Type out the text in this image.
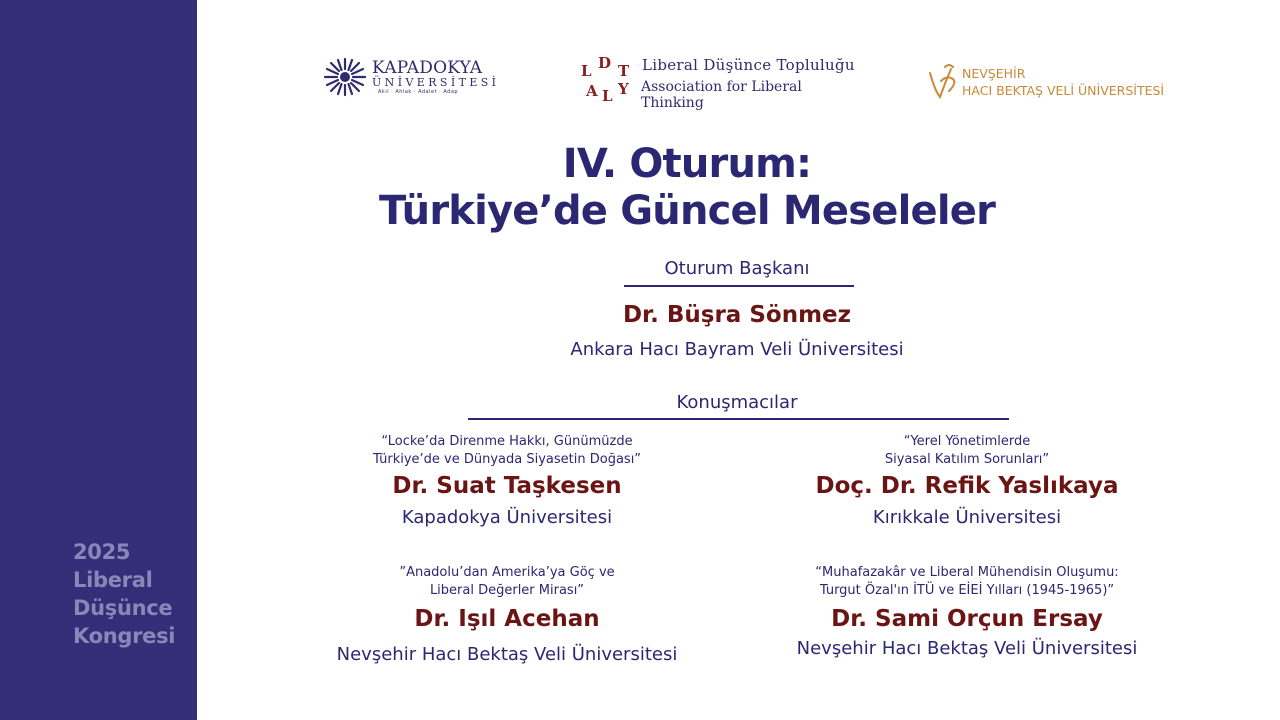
2025
Liberal
Düşünce
Kongresi
KAPADOKYA
ÜNİVERSİTESİ
Akıl · Ahlak · Adalet · Adap
D T
L
A L Y
Liberal Düşünce Topluluğu
Association for Liberal Thinking
NEVŞEHİR
HACI BEKTAŞ VELİ ÜNİVERSİTESİ
IV. Oturum:
Türkiye’de Güncel Meseleler
Oturum Başkanı
Dr. Büşra Sönmez
Ankara Hacı Bayram Veli Üniversitesi
Konuşmacılar
“Locke’da Direnme Hakkı, Günümüzde
Türkiye’de ve Dünyada Siyasetin Doğası”
Dr. Suat Taşkesen
Kapadokya Üniversitesi
“Yerel Yönetimlerde
Siyasal Katılım Sorunları”
Doç. Dr. Refik Yaslıkaya
Kırıkkale Üniversitesi
”Anadolu’dan Amerika’ya Göç ve
Liberal Değerler Mirası”
Dr. Işıl Acehan
Nevşehir Hacı Bektaş Veli Üniversitesi
“Muhafazakâr ve Liberal Mühendisin Oluşumu:
Turgut Özal'ın İTÜ ve EİEİ Yılları (1945-1965)”
Dr. Sami Orçun Ersay
Nevşehir Hacı Bektaş Veli Üniversitesi
